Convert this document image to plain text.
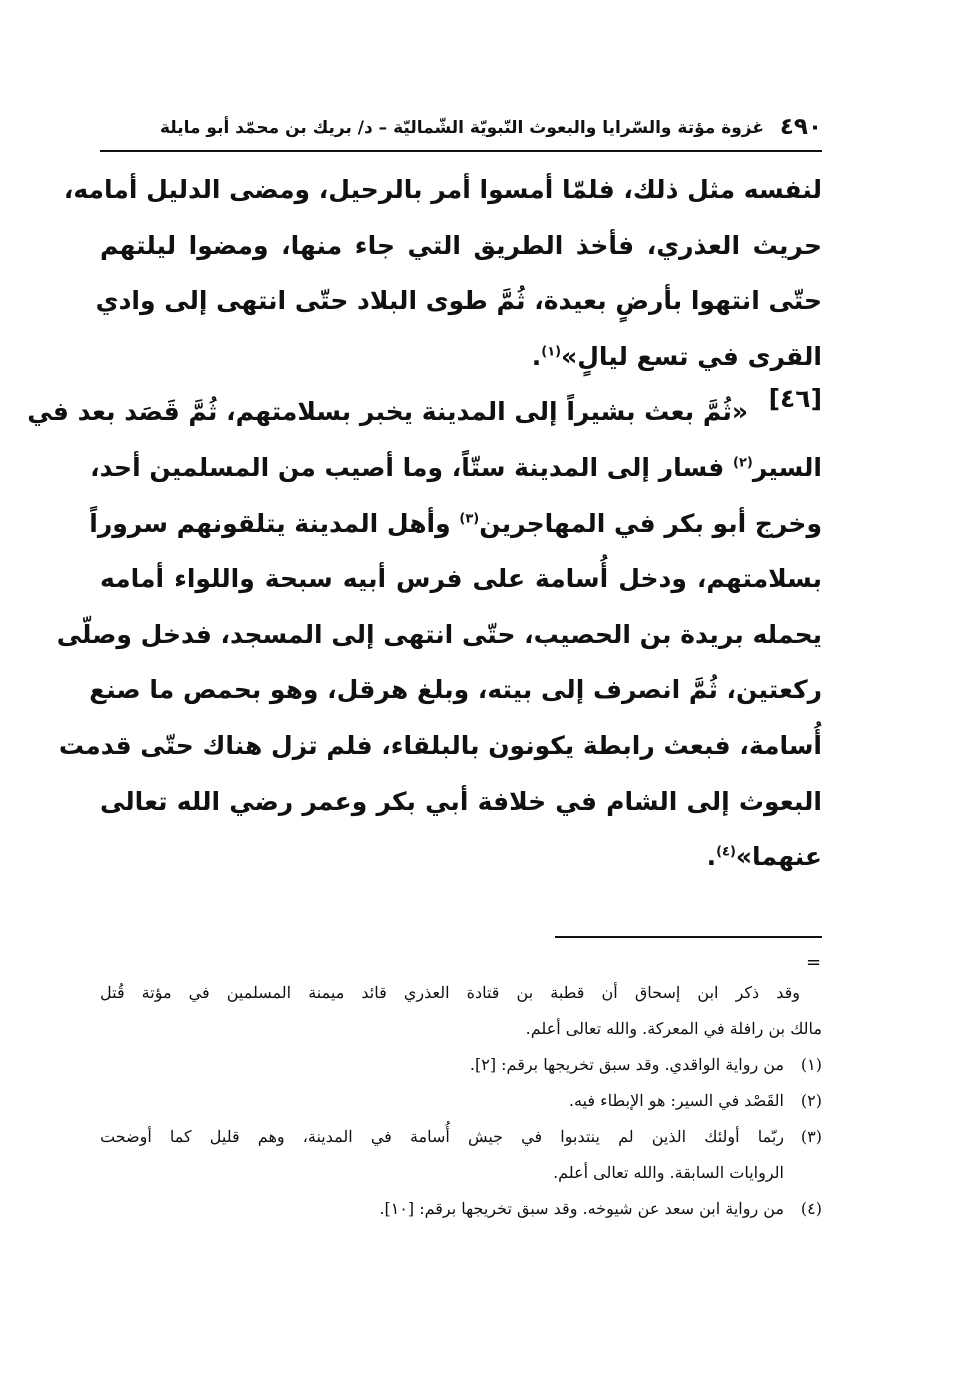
٤٩٠
غزوة مؤتة والسّرايا والبعوث النّبويّة الشّماليّة – د/ بريك بن محمّد أبو مايلة
لنفسه مثل ذلك، فلمّا أمسوا أمر بالرحيل، ومضى الدليل أمامه،
حريث العذري، فأخذ الطريق التي جاء منها، ومضوا ليلتهم
حتّى انتهوا بأرضٍ بعيدة، ثُمَّ طوى البلاد حتّى انتهى إلى وادي
القرى في تسع ليالٍ»$^{(١)}$.
[٤٦]
«ثُمَّ بعث بشيراً إلى المدينة يخبر بسلامتهم، ثُمَّ قَصَد بعد في
السير$^{(٢)}$ فسار إلى المدينة ستّاً، وما أصيب من المسلمين أحد،
وخرج أبو بكر في المهاجرين$^{(٣)}$ وأهل المدينة يتلقونهم سروراً
بسلامتهم، ودخل أُسامة على فرس أبيه سبحة واللواء أمامه
يحمله بريدة بن الحصيب، حتّى انتهى إلى المسجد، فدخل وصلّى
ركعتين، ثُمَّ انصرف إلى بيته، وبلغ هرقل، وهو بحمص ما صنع
أُسامة، فبعث رابطة يكونون بالبلقاء، فلم تزل هناك حتّى قدمت
البعوث إلى الشام في خلافة أبي بكر وعمر رضي الله تعالى
عنهما»$^{(٤)}$.
=
وقد ذكر ابن إسحاق أن قطبة بن قتادة العذري قائد ميمنة المسلمين في مؤتة قُتل
مالك بن رافلة في المعركة. والله تعالى أعلم.
(١)من رواية الواقدي. وقد سبق تخريجها برقم: [٢].
(٢)القَصْد في السير: هو الإبطاء فيه.
(٣)ربّما أولئك الذين لم ينتدبوا في جيش أُسامة في المدينة، وهم قليل كما أوضحت
الروايات السابقة. والله تعالى أعلم.
(٤)من رواية ابن سعد عن شيوخه. وقد سبق تخريجها برقم: [١٠].
